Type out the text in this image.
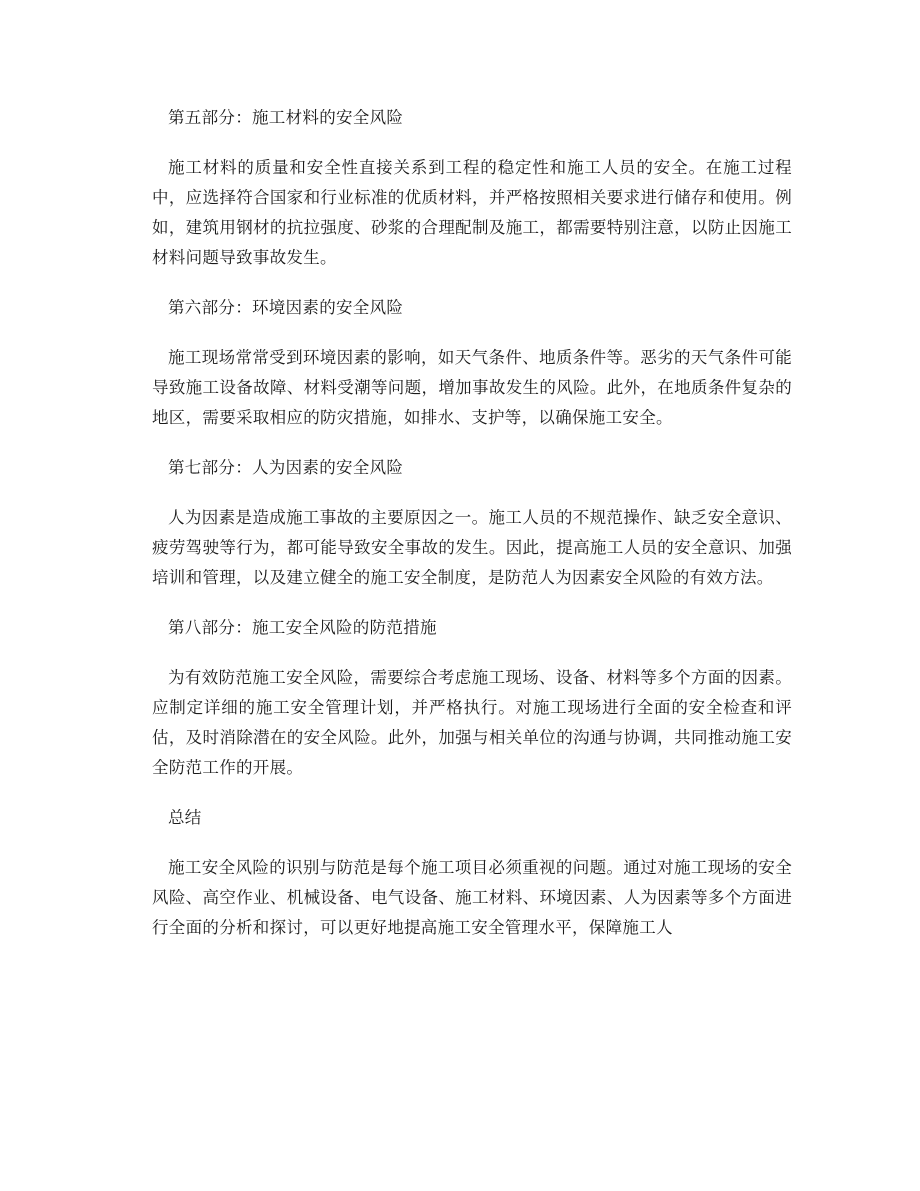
第五部分：施工材料的安全风险

施工材料的质量和安全性直接关系到工程的稳定性和施工人员的安全。在施工过程中，应选择符合国家和行业标准的优质材料，并严格按照相关要求进行储存和使用。例如，建筑用钢材的抗拉强度、砂浆的合理配制及施工，都需要特别注意，以防止因施工材料问题导致事故发生。

第六部分：环境因素的安全风险

施工现场常常受到环境因素的影响，如天气条件、地质条件等。恶劣的天气条件可能导致施工设备故障、材料受潮等问题，增加事故发生的风险。此外，在地质条件复杂的地区，需要采取相应的防灾措施，如排水、支护等，以确保施工安全。

第七部分：人为因素的安全风险

人为因素是造成施工事故的主要原因之一。施工人员的不规范操作、缺乏安全意识、疲劳驾驶等行为，都可能导致安全事故的发生。因此，提高施工人员的安全意识、加强培训和管理，以及建立健全的施工安全制度，是防范人为因素安全风险的有效方法。

第八部分：施工安全风险的防范措施

为有效防范施工安全风险，需要综合考虑施工现场、设备、材料等多个方面的因素。应制定详细的施工安全管理计划，并严格执行。对施工现场进行全面的安全检查和评估，及时消除潜在的安全风险。此外，加强与相关单位的沟通与协调，共同推动施工安全防范工作的开展。

总结

施工安全风险的识别与防范是每个施工项目必须重视的问题。通过对施工现场的安全风险、高空作业、机械设备、电气设备、施工材料、环境因素、人为因素等多个方面进行全面的分析和探讨，可以更好地提高施工安全管理水平，保障施工人
